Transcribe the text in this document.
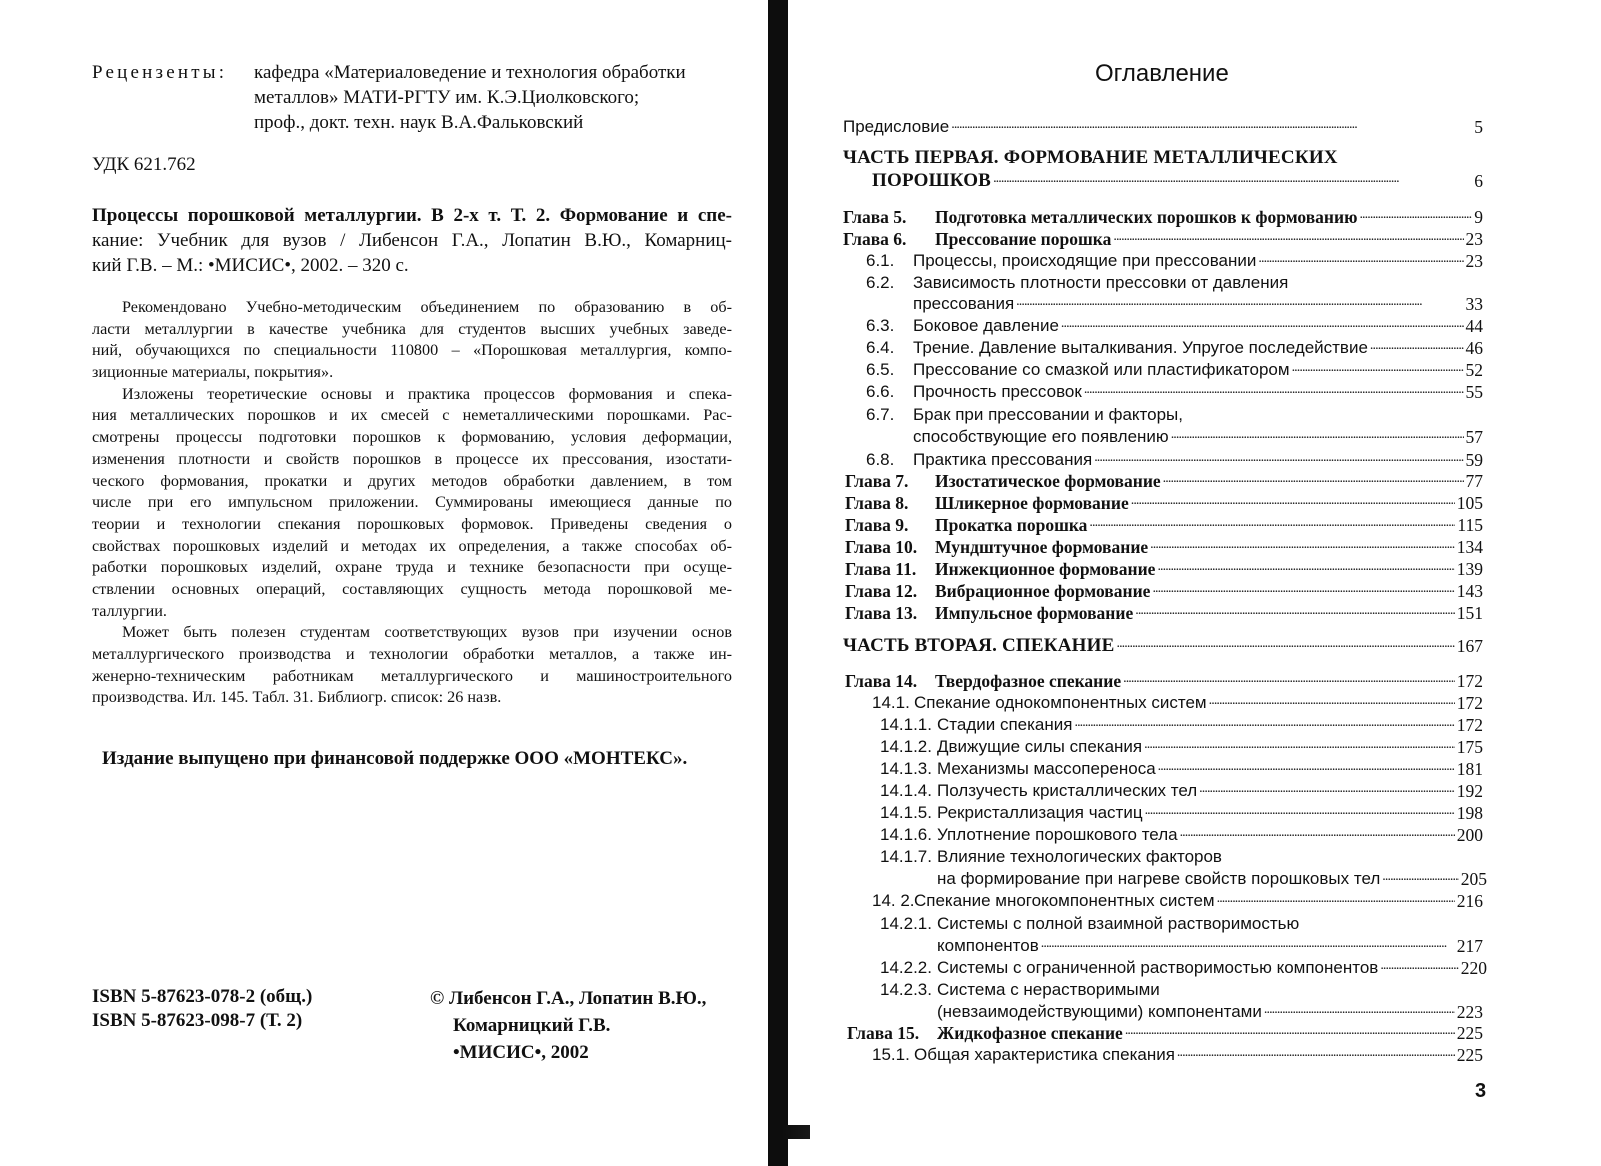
Рецензенты: кафедра «Материаловедение и технология обработки
металлов» МАТИ-РГТУ им. К.Э.Циолковского;
проф., докт. техн. наук В.А.Фальковский
УДК 621.762
Процессы порошковой металлургии. В 2-х т. Т. 2. Формование и спе-
кание: Учебник для вузов / Либенсон Г.А., Лопатин В.Ю., Комарниц-
кий Г.В. – М.: •МИСИС•, 2002. – 320 с.
Рекомендовано Учебно-методическим объединением по образованию в об-
ласти металлургии в качестве учебника для студентов высших учебных заведе-
ний, обучающихся по специальности 110800 – «Порошковая металлургия, компо-
зиционные материалы, покрытия».
Изложены теоретические основы и практика процессов формования и спека-
ния металлических порошков и их смесей с неметаллическими порошками. Рас-
смотрены процессы подготовки порошков к формованию, условия деформации,
изменения плотности и свойств порошков в процессе их прессования, изостати-
ческого формования, прокатки и других методов обработки давлением, в том
числе при его импульсном приложении. Суммированы имеющиеся данные по
теории и технологии спекания порошковых формовок. Приведены сведения о
свойствах порошковых изделий и методах их определения, а также способах об-
работки порошковых изделий, охране труда и технике безопасности при осуще-
ствлении основных операций, составляющих сущность метода порошковой ме-
таллургии.
Может быть полезен студентам соответствующих вузов при изучении основ
металлургического производства и технологии обработки металлов, а также ин-
женерно-техническим работникам металлургического и машиностроительного
производства. Ил. 145. Табл. 31. Библиогр. список: 26 назв.
Издание выпущено при финансовой поддержке ООО «МОНТЕКС».
ISBN 5-87623-078-2 (общ.)
ISBN 5-87623-098-7 (Т. 2)
© Либенсон Г.А., Лопатин В.Ю.,
Комарницкий Г.В.
•МИСИС•, 2002
Оглавление
Предисловие . . .	5
ЧАСТЬ ПЕРВАЯ. ФОРМОВАНИЕ МЕТАЛЛИЧЕСКИХ
ПОРОШКОВ . . .	6
Глава 5.	Подготовка металлических порошков к формованию . . .	9
Глава 6.	Прессование порошка . . .	23
6.1.	Процессы, происходящие при прессовании . . .	23
6.2. Зависимость плотности прессовки от давления
прессования . . .	33
6.3.	Боковое давление . . .	44
6.4.	Трение. Давление выталкивания. Упругое последействие . . .	46
6.5.	Прессование со смазкой или пластификатором . . .	52
6.6.	Прочность прессовок . . .	55
6.7. Брак при прессовании и факторы,
способствующие его появлению . . .	57
6.8.	Практика прессования . . .	59
Глава 7.	Изостатическое формование . . .	77
Глава 8.	Шликерное формование . . .	105
Глава 9.	Прокатка порошка . . .	115
Глава 10.	Мундштучное формование . . .	134
Глава 11.	Инжекционное формование . . .	139
Глава 12.	Вибрационное формование . . .	143
Глава 13.	Импульсное формование . . .	151
ЧАСТЬ ВТОРАЯ. СПЕКАНИЕ . . .	167
Глава 14.	Твердофазное спекание . . .	172
14.1. Спекание однокомпонентных систем . . .	172
14.1.1. Стадии спекания . . .	172
14.1.2. Движущие силы спекания . . .	175
14.1.3. Механизмы массопереноса . . .	181
14.1.4. Ползучесть кристаллических тел . . .	192
14.1.5. Рекристаллизация частиц . . .	198
14.1.6. Уплотнение порошкового тела . . .	200
14.1.7. Влияние технологических факторов
на формирование при нагреве свойств порошковых тел . . .	205
14. 2. Спекание многокомпонентных систем . . .	216
14.2.1. Системы с полной взаимной растворимостью
компонентов . . .	217
14.2.2. Системы с ограниченной растворимостью компонентов . . .	220
14.2.3. Система с нерастворимыми
(невзаимодействующими) компонентами . . .	223
Глава 15.	Жидкофазное спекание . . .	225
15.1. Общая характеристика спекания . . .	225
3
